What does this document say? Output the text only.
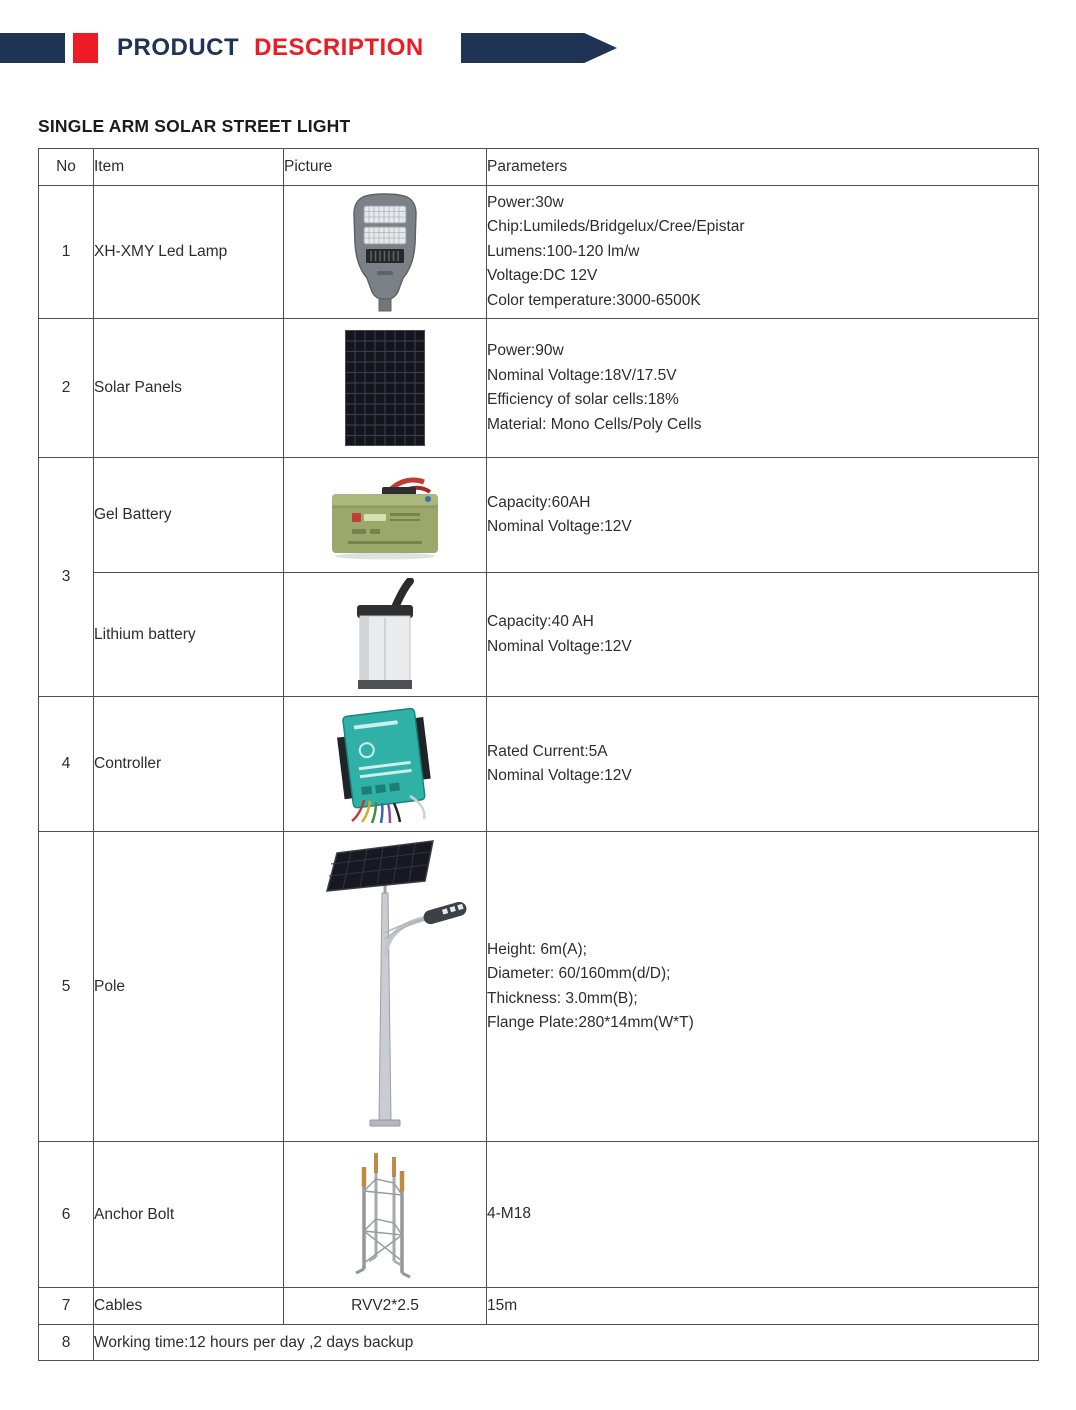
PRODUCT DESCRIPTION
SINGLE ARM SOLAR STREET LIGHT
No	Item	Picture	Parameters
1	XH-XMY Led Lamp		Power:30w
Chip:Lumileds/Bridgelux/Cree/Epistar
Lumens:100-120 lm/w
Voltage:DC 12V
Color temperature:3000-6500K

2	Solar Panels		Power:90w
Nominal Voltage:18V/17.5V
Efficiency of solar cells:18%
Material: Mono Cells/Poly Cells

3	Gel Battery		Capacity:60AH
Nominal Voltage:12V

	Lithium battery		Capacity:40 AH
Nominal Voltage:12V

4	Controller		Rated Current:5A
Nominal Voltage:12V

5	Pole		Height: 6m(A);
Diameter: 60/160mm(d/D);
Thickness: 3.0mm(B);
Flange Plate:280*14mm(W*T)

6	Anchor Bolt		4-M18

7	Cables	RVV2*2.5	15m

8	Working time:12 hours per day ,2 days backup		
